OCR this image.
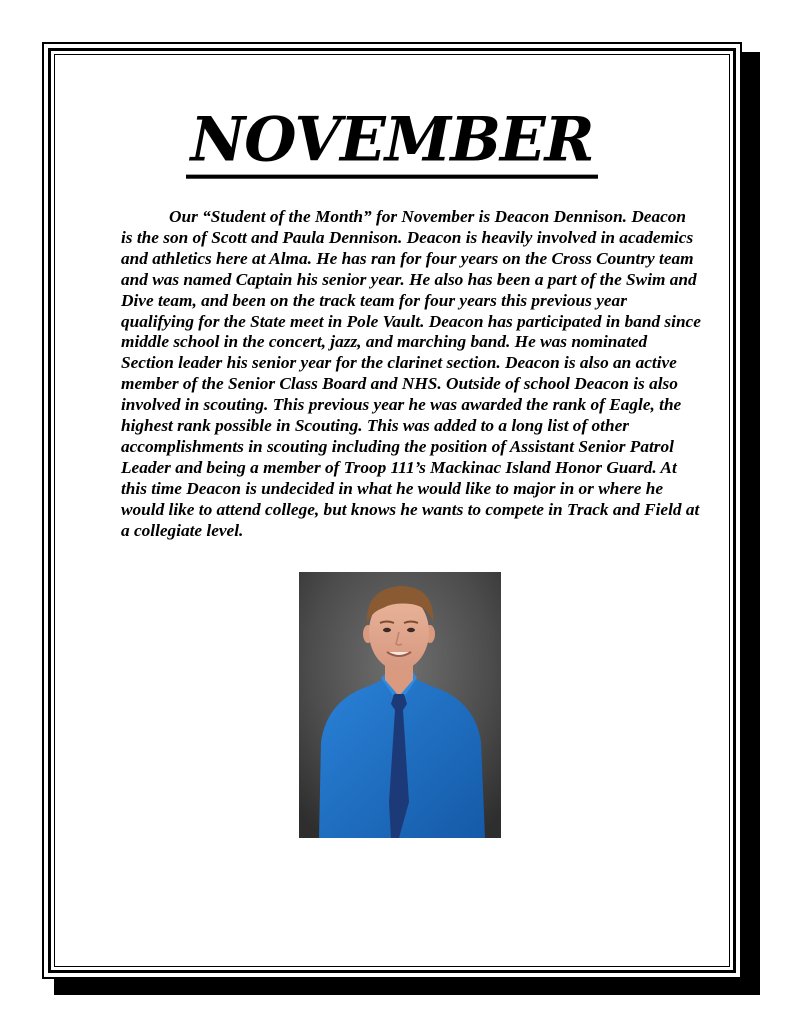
NOVEMBER

Our “Student of the Month” for November is Deacon Dennison. Deacon is the son of Scott and Paula Dennison. Deacon is heavily involved in academics and athletics here at Alma. He has ran for four years on the Cross Country team and was named Captain his senior year. He also has been a part of the Swim and Dive team, and been on the track team for four years this previous year qualifying for the State meet in Pole Vault. Deacon has participated in band since middle school in the concert, jazz, and marching band. He was nominated Section leader his senior year for the clarinet section. Deacon is also an active member of the Senior Class Board and NHS. Outside of school Deacon is also involved in scouting. This previous year he was awarded the rank of Eagle, the highest rank possible in Scouting. This was added to a long list of other accomplishments in scouting including the position of Assistant Senior Patrol Leader and being a member of Troop 111’s Mackinac Island Honor Guard. At this time Deacon is undecided in what he would like to major in or where he would like to attend college, but knows he wants to compete in Track and Field at a collegiate level.
